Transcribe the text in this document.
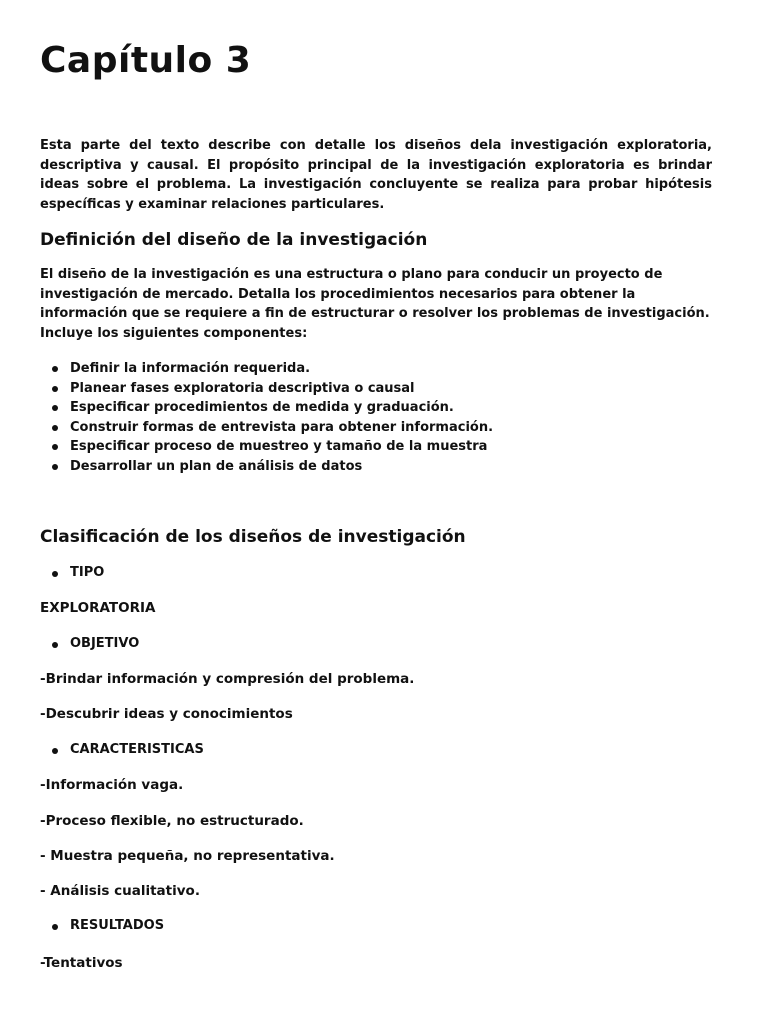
Capítulo 3

Esta parte del texto describe con detalle los diseños dela investigación exploratoria, descriptiva y causal. El propósito principal de la investigación exploratoria es brindar ideas sobre el problema. La investigación concluyente se realiza para probar hipótesis específicas y examinar relaciones particulares.

Definición del diseño de la investigación

El diseño de la investigación es una estructura o plano para conducir un proyecto de investigación de mercado. Detalla los procedimientos necesarios para obtener la información que se requiere a fin de estructurar o resolver los problemas de investigación. Incluye los siguientes componentes:

Definir la información requerida.
Planear fases exploratoria descriptiva o causal
Especificar procedimientos de medida y graduación.
Construir formas de entrevista para obtener información.
Especificar proceso de muestreo y tamaño de la muestra
Desarrollar un plan de análisis de datos
Clasificación de los diseños de investigación
TIPO
EXPLORATORIA
OBJETIVO
-Brindar información y compresión del problema.
-Descubrir ideas y conocimientos
CARACTERISTICAS
-Información vaga.
-Proceso flexible, no estructurado.
- Muestra pequeña, no representativa.
- Análisis cualitativo.
RESULTADOS
-Tentativos
